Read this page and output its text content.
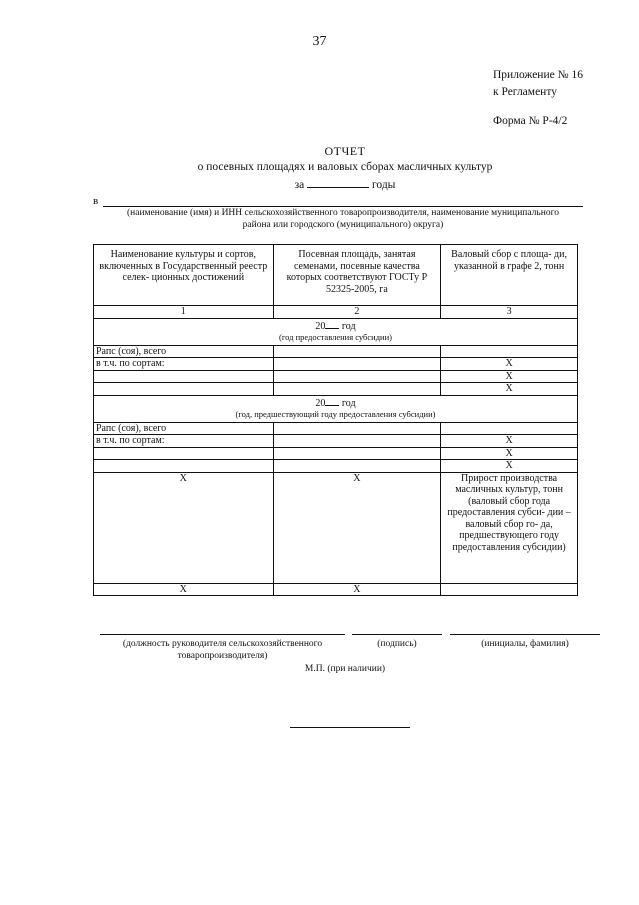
37
Приложение № 16
к Регламенту
Форма № Р-4/2
ОТЧЕТ
о посевных площадях и валовых сборах масличных культур
за	годы
в
(наименование (имя) и ИНН сельскохозяйственного товаропроизводителя, наименование муниципального
района или городского (муниципального) округа)
Наименование культуры и сортов, включенных в Государственный реестр селек- ционных достижений	Посевная площадь, занятая семенами, посевные качества которых соответствуют ГОСТу Р 52325-2005, га	Валовый сбор с площа- ди, указанной в графе 2, тонн
1	2	3

20 год
(год предоставления субсидии)		

Рапс (соя), всего		
в т.ч. по сортам:		X
		X
		X

20 год
(год, предшествующий году предоставления субсидии)		

Рапс (соя), всего		
в т.ч. по сортам:		X
		X
		X
X	X	Прирост производства масличных культур, тонн (валовый сбор года предоставления субси- дии – валовый сбор го- да, предшествующего году предоставления субсидии)
X	X	
(должность руководителя сельскохозяйственного
товаропроизводителя)
(подпись)	(инициалы, фамилия)
М.П. (при наличии)
